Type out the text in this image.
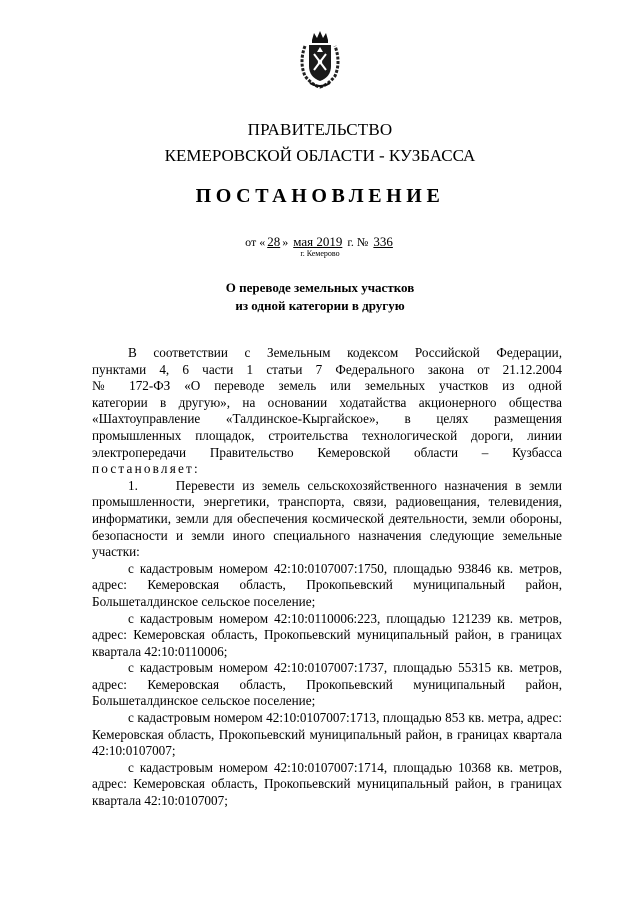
ПРАВИТЕЛЬСТВО
КЕМЕРОВСКОЙ ОБЛАСТИ - КУЗБАССА
ПОСТАНОВЛЕНИЕ
от « 28 » мая 2019 г. № 336
г. Кемерово
О переводе земельных участков
из одной категории в другую

В соответствии с Земельным кодексом Российской Федерации,

пунктами 4, 6 части 1 статьи 7 Федерального закона от 21.12.2004

№ 172-ФЗ «О переводе земель или земельных участков из одной

категории в другую», на основании ходатайства акционерного общества

«Шахтоуправление «Талдинское-Кыргайское», в целях размещения

промышленных площадок, строительства технологической дороги, линии

электропередачи Правительство Кемеровской области – Кузбасса

постановляет:

1.     Перевести из земель сельскохозяйственного назначения в земли промышленности, энергетики, транспорта, связи, радиовещания, телевидения, информатики, земли для обеспечения космической деятельности, земли обороны, безопасности и земли иного специального назначения следующие земельные участки:

с кадастровым номером 42:10:0107007:1750, площадью 93846 кв. метров, адрес: Кемеровская область, Прокопьевский муниципальный район, Большеталдинское сельское поселение;

с кадастровым номером 42:10:0110006:223, площадью 121239 кв. метров, адрес: Кемеровская область, Прокопьевский муниципальный район, в границах квартала 42:10:0110006;

с кадастровым номером 42:10:0107007:1737, площадью 55315 кв. метров, адрес: Кемеровская область, Прокопьевский муниципальный район, Большеталдинское сельское поселение;

с кадастровым номером 42:10:0107007:1713, площадью 853 кв. метра, адрес: Кемеровская область, Прокопьевский муниципальный район, в границах квартала 42:10:0107007;

с кадастровым номером 42:10:0107007:1714, площадью 10368 кв. метров, адрес: Кемеровская область, Прокопьевский муниципальный район, в границах квартала 42:10:0107007;
